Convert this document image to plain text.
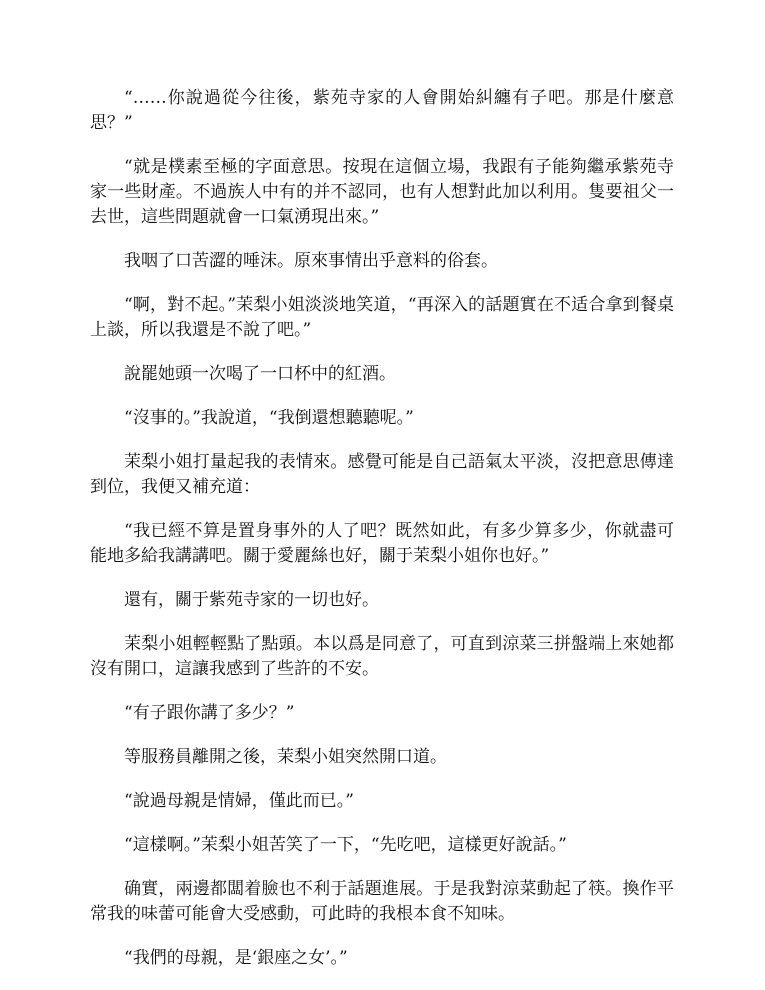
“……你說過從今往後，紫苑寺家的人會開始糾纏有子吧。那是什麼意思？”

“就是樸素至極的字面意思。按現在這個立場，我跟有子能夠繼承紫苑寺家一些財產。不過族人中有的并不認同，也有人想對此加以利用。隻要祖父一去世，這些問題就會一口氣湧現出來。”

我咽了口苦澀的唾沫。原來事情出乎意料的俗套。

“啊，對不起。”茉梨小姐淡淡地笑道，“再深入的話題實在不适合拿到餐桌上談，所以我還是不說了吧。”

說罷她頭一次喝了一口杯中的紅酒。

“沒事的。”我說道，“我倒還想聽聽呢。”

茉梨小姐打量起我的表情來。感覺可能是自己語氣太平淡，沒把意思傳達到位，我便又補充道：

“我已經不算是置身事外的人了吧？既然如此，有多少算多少，你就盡可能地多給我講講吧。關于愛麗絲也好，關于茉梨小姐你也好。”

還有，關于紫苑寺家的一切也好。

茉梨小姐輕輕點了點頭。本以爲是同意了，可直到涼菜三拼盤端上來她都沒有開口，這讓我感到了些許的不安。

“有子跟你講了多少？”

等服務員離開之後，茉梨小姐突然開口道。

“說過母親是情婦，僅此而已。”

“這樣啊。”茉梨小姐苦笑了一下，“先吃吧，這樣更好說話。”

确實，兩邊都闆着臉也不利于話題進展。于是我對涼菜動起了筷。換作平常我的味蕾可能會大受感動，可此時的我根本食不知味。

“我們的母親，是‘銀座之女’。”
